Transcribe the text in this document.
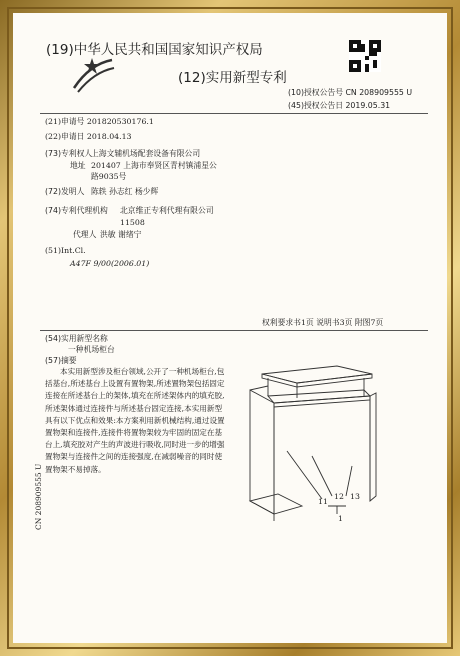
(19)中华人民共和国国家知识产权局
(12)实用新型专利
(10)授权公告号 CN 208909555 U
(45)授权公告日 2019.05.31
(21)申请号 201820530176.1
(22)申请日 2018.04.13
(73)专利权人
上海文辅机场配套设备有限公司
地址 201407 上海市奉贤区青村镇浦星公
路9035号
(72)发明人 陈轶 孙志红 杨少辉
(74)专利代理机构 北京维正专利代理有限公司
11508
代理人 洪敏 谢绪宁
(51)Int.Cl.
A47F 9/00(2006.01)
权利要求书1页 说明书3页 附图7页
(54)实用新型名称
一种机场柜台
(57)摘要
本实用新型涉及柜台领域,公开了一种机场柜台,包括基台,所述基台上设置有置物架,所述置物架包括固定连接在所述基台上的架体,填充在所述架体内的填充胶,所述架体通过连接件与所述基台固定连接,本实用新型具有以下优点和效果:本方案利用新机械结构,通过设置置物架和连接件,连接件将置物架较为牢固的固定在基台上,填充胶对产生的声波进行吸收,同时进一步的增强置物架与连接件之间的连接强度,在减弱噪音的同时使置物架不易掉落。
11
12 13
1
CN 208909555 U
